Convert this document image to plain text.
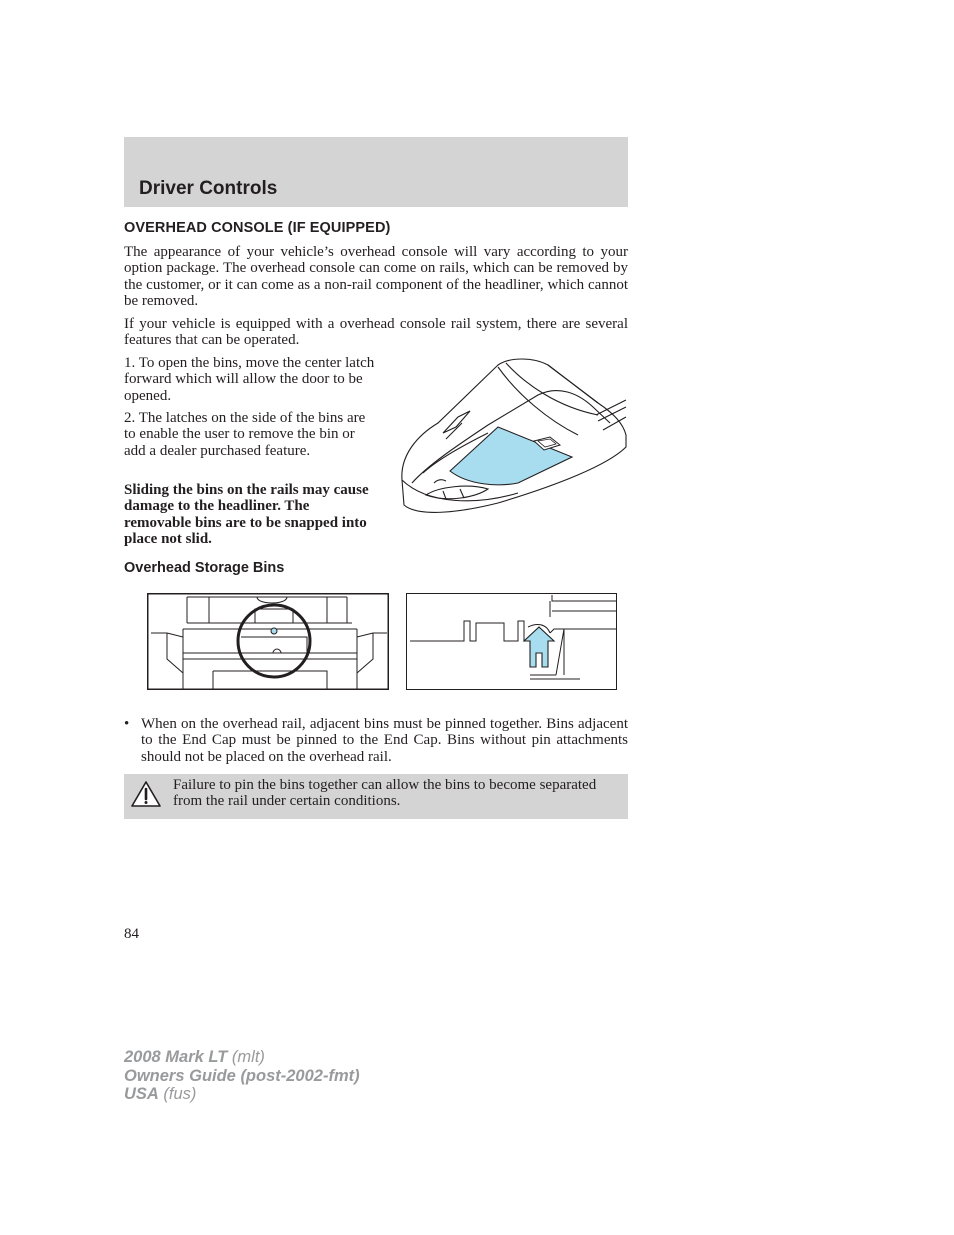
Driver Controls
OVERHEAD CONSOLE (IF EQUIPPED)

The appearance of your vehicle’s overhead console will vary according to your option package. The overhead console can come on rails, which can be removed by the customer, or it can come as a non-rail component of the headliner, which cannot be removed.

If your vehicle is equipped with a overhead console rail system, there are several features that can be operated.

1. To open the bins, move the center latch forward which will allow the door to be opened.

2. The latches on the side of the bins are to enable the user to remove the bin or add a dealer purchased feature.

Sliding the bins on the rails may cause damage to the headliner. The removable bins are to be snapped into place not slid.

Overhead Storage Bins
• When on the overhead rail, adjacent bins must be pinned together. Bins adjacent to the End Cap must be pinned to the End Cap. Bins without pin attachments should not be placed on the overhead rail.
Failure to pin the bins together can allow the bins to become separated from the rail under certain conditions.
84
2008 Mark LT (mlt)
Owners Guide (post-2002-fmt)
USA (fus)
